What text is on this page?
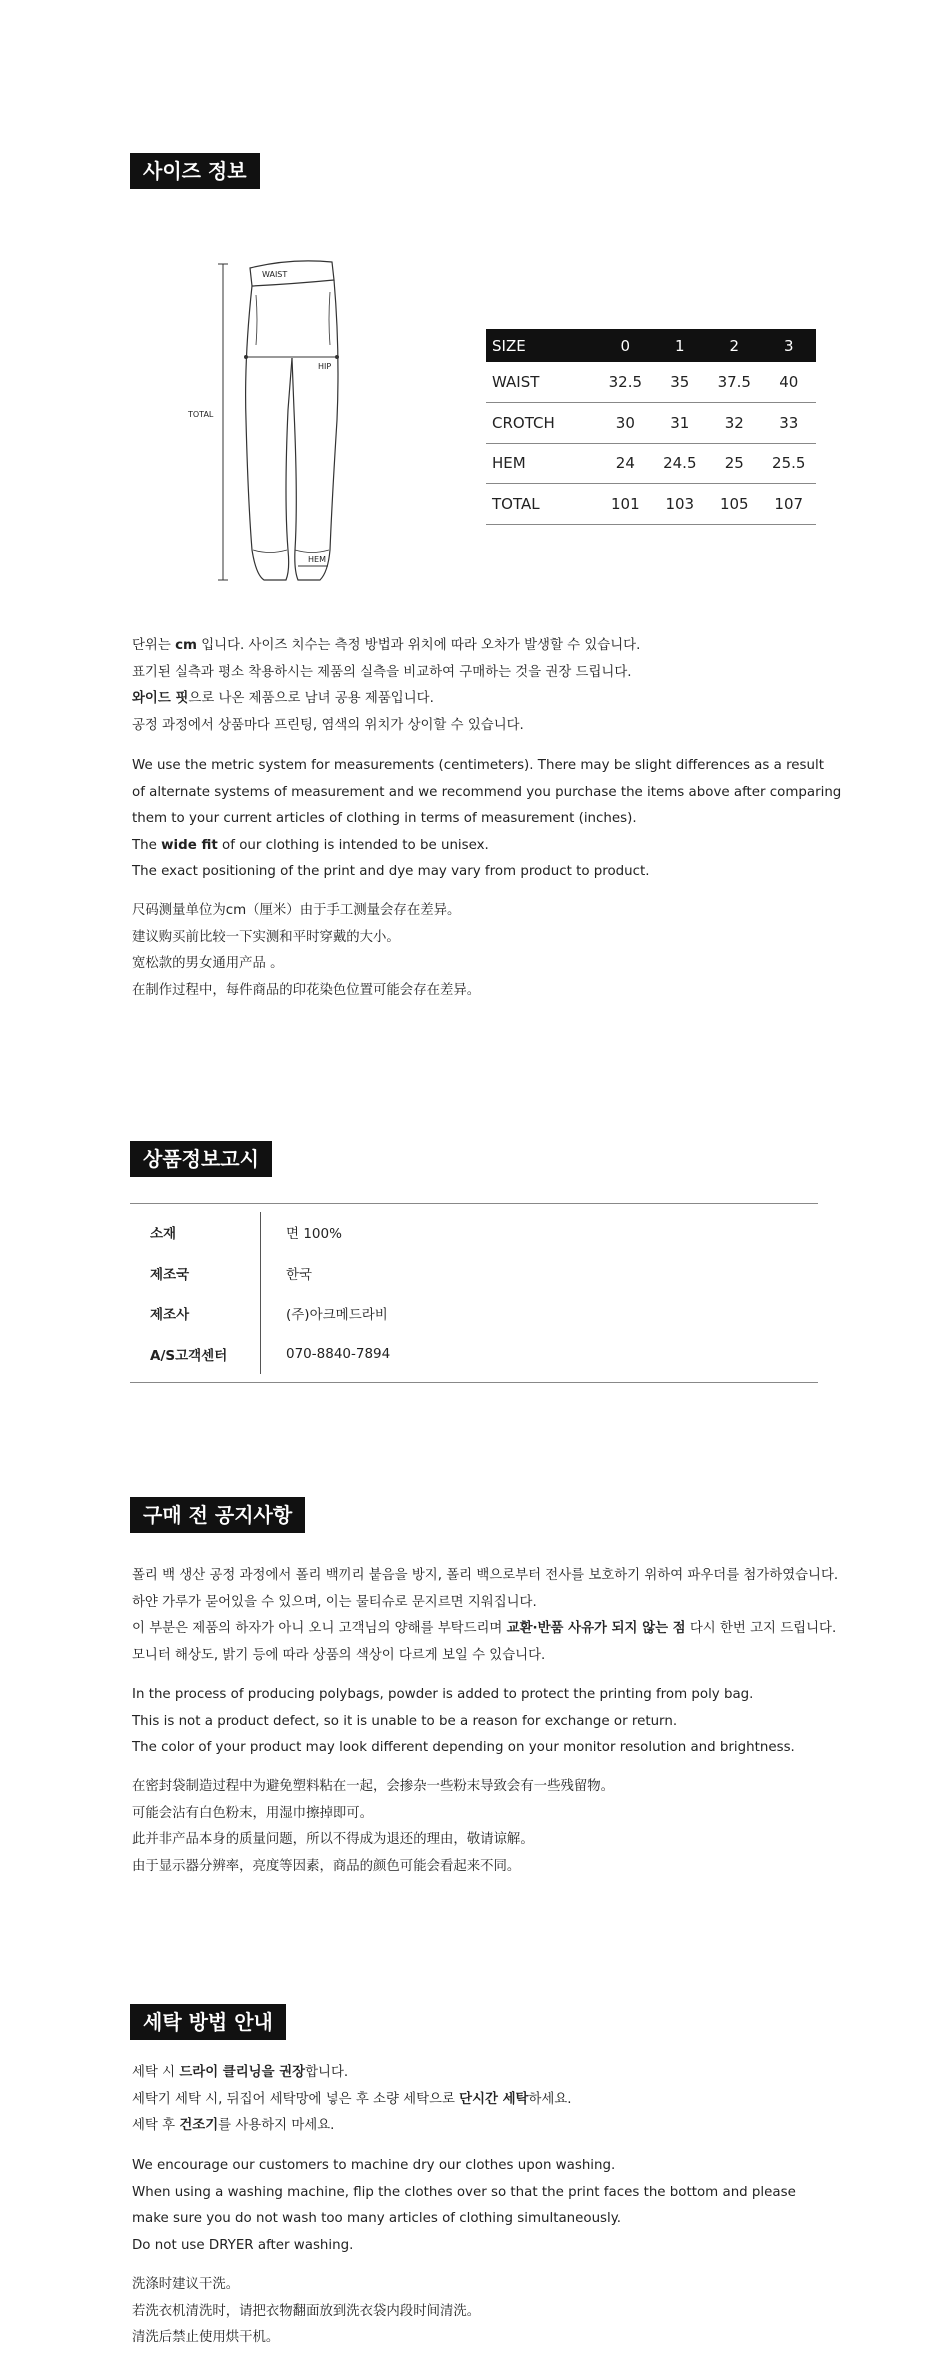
사이즈 정보
WAIST
HIP
TOTAL
HEM
SIZE	0	1	2	3
WAIST	32.5	35	37.5	40
CROTCH	30	31	32	33
HEM	24	24.5	25	25.5
TOTAL	101	103	105	107
단위는 cm 입니다. 사이즈 치수는 측정 방법과 위치에 따라 오차가 발생할 수 있습니다.
표기된 실측과 평소 착용하시는 제품의 실측을 비교하여 구매하는 것을 권장 드립니다.
와이드 핏으로 나온 제품으로 남녀 공용 제품입니다.
공정 과정에서 상품마다 프린팅, 염색의 위치가 상이할 수 있습니다.
We use the metric system for measurements (centimeters). There may be slight differences as a result
of alternate systems of measurement and we recommend you purchase the items above after comparing
them to your current articles of clothing in terms of measurement (inches).
The wide fit of our clothing is intended to be unisex.
The exact positioning of the print and dye may vary from product to product.
尺码测量单位为cm（厘米）由于手工测量会存在差异。
建议购买前比较一下实测和平时穿戴的大小。
宽松款的男女通用产品 。
在制作过程中，每件商品的印花染色位置可能会存在差异。
상품정보고시
소재	면 100%
제조국	한국
제조사	(주)아크메드라비
A/S고객센터	070-8840-7894
구매 전 공지사항
폴리 백 생산 공정 과정에서 폴리 백끼리 붙음을 방지, 폴리 백으로부터 전사를 보호하기 위하여 파우더를 첨가하였습니다.
하얀 가루가 묻어있을 수 있으며, 이는 물티슈로 문지르면 지워집니다.
이 부분은 제품의 하자가 아니 오니 고객님의 양해를 부탁드리며 교환·반품 사유가 되지 않는 점 다시 한번 고지 드립니다.
모니터 해상도, 밝기 등에 따라 상품의 색상이 다르게 보일 수 있습니다.
In the process of producing polybags, powder is added to protect the printing from poly bag.
This is not a product defect, so it is unable to be a reason for exchange or return.
The color of your product may look different depending on your monitor resolution and brightness.
在密封袋制造过程中为避免塑料粘在一起，会掺杂一些粉末导致会有一些残留物。
可能会沾有白色粉末，用湿巾擦掉即可。
此并非产品本身的质量问题，所以不得成为退还的理由，敬请谅解。
由于显示器分辨率，亮度等因素，商品的颜色可能会看起来不同。
세탁 방법 안내
세탁 시 드라이 클리닝을 권장합니다.
세탁기 세탁 시, 뒤집어 세탁망에 넣은 후 소량 세탁으로 단시간 세탁하세요.
세탁 후 건조기를 사용하지 마세요.
We encourage our customers to machine dry our clothes upon washing.
When using a washing machine, flip the clothes over so that the print faces the bottom and please
make sure you do not wash too many articles of clothing simultaneously.
Do not use DRYER after washing.
洗涤时建议干洗。
若洗衣机清洗时，请把衣物翻面放到洗衣袋内段时间清洗。
清洗后禁止使用烘干机。
